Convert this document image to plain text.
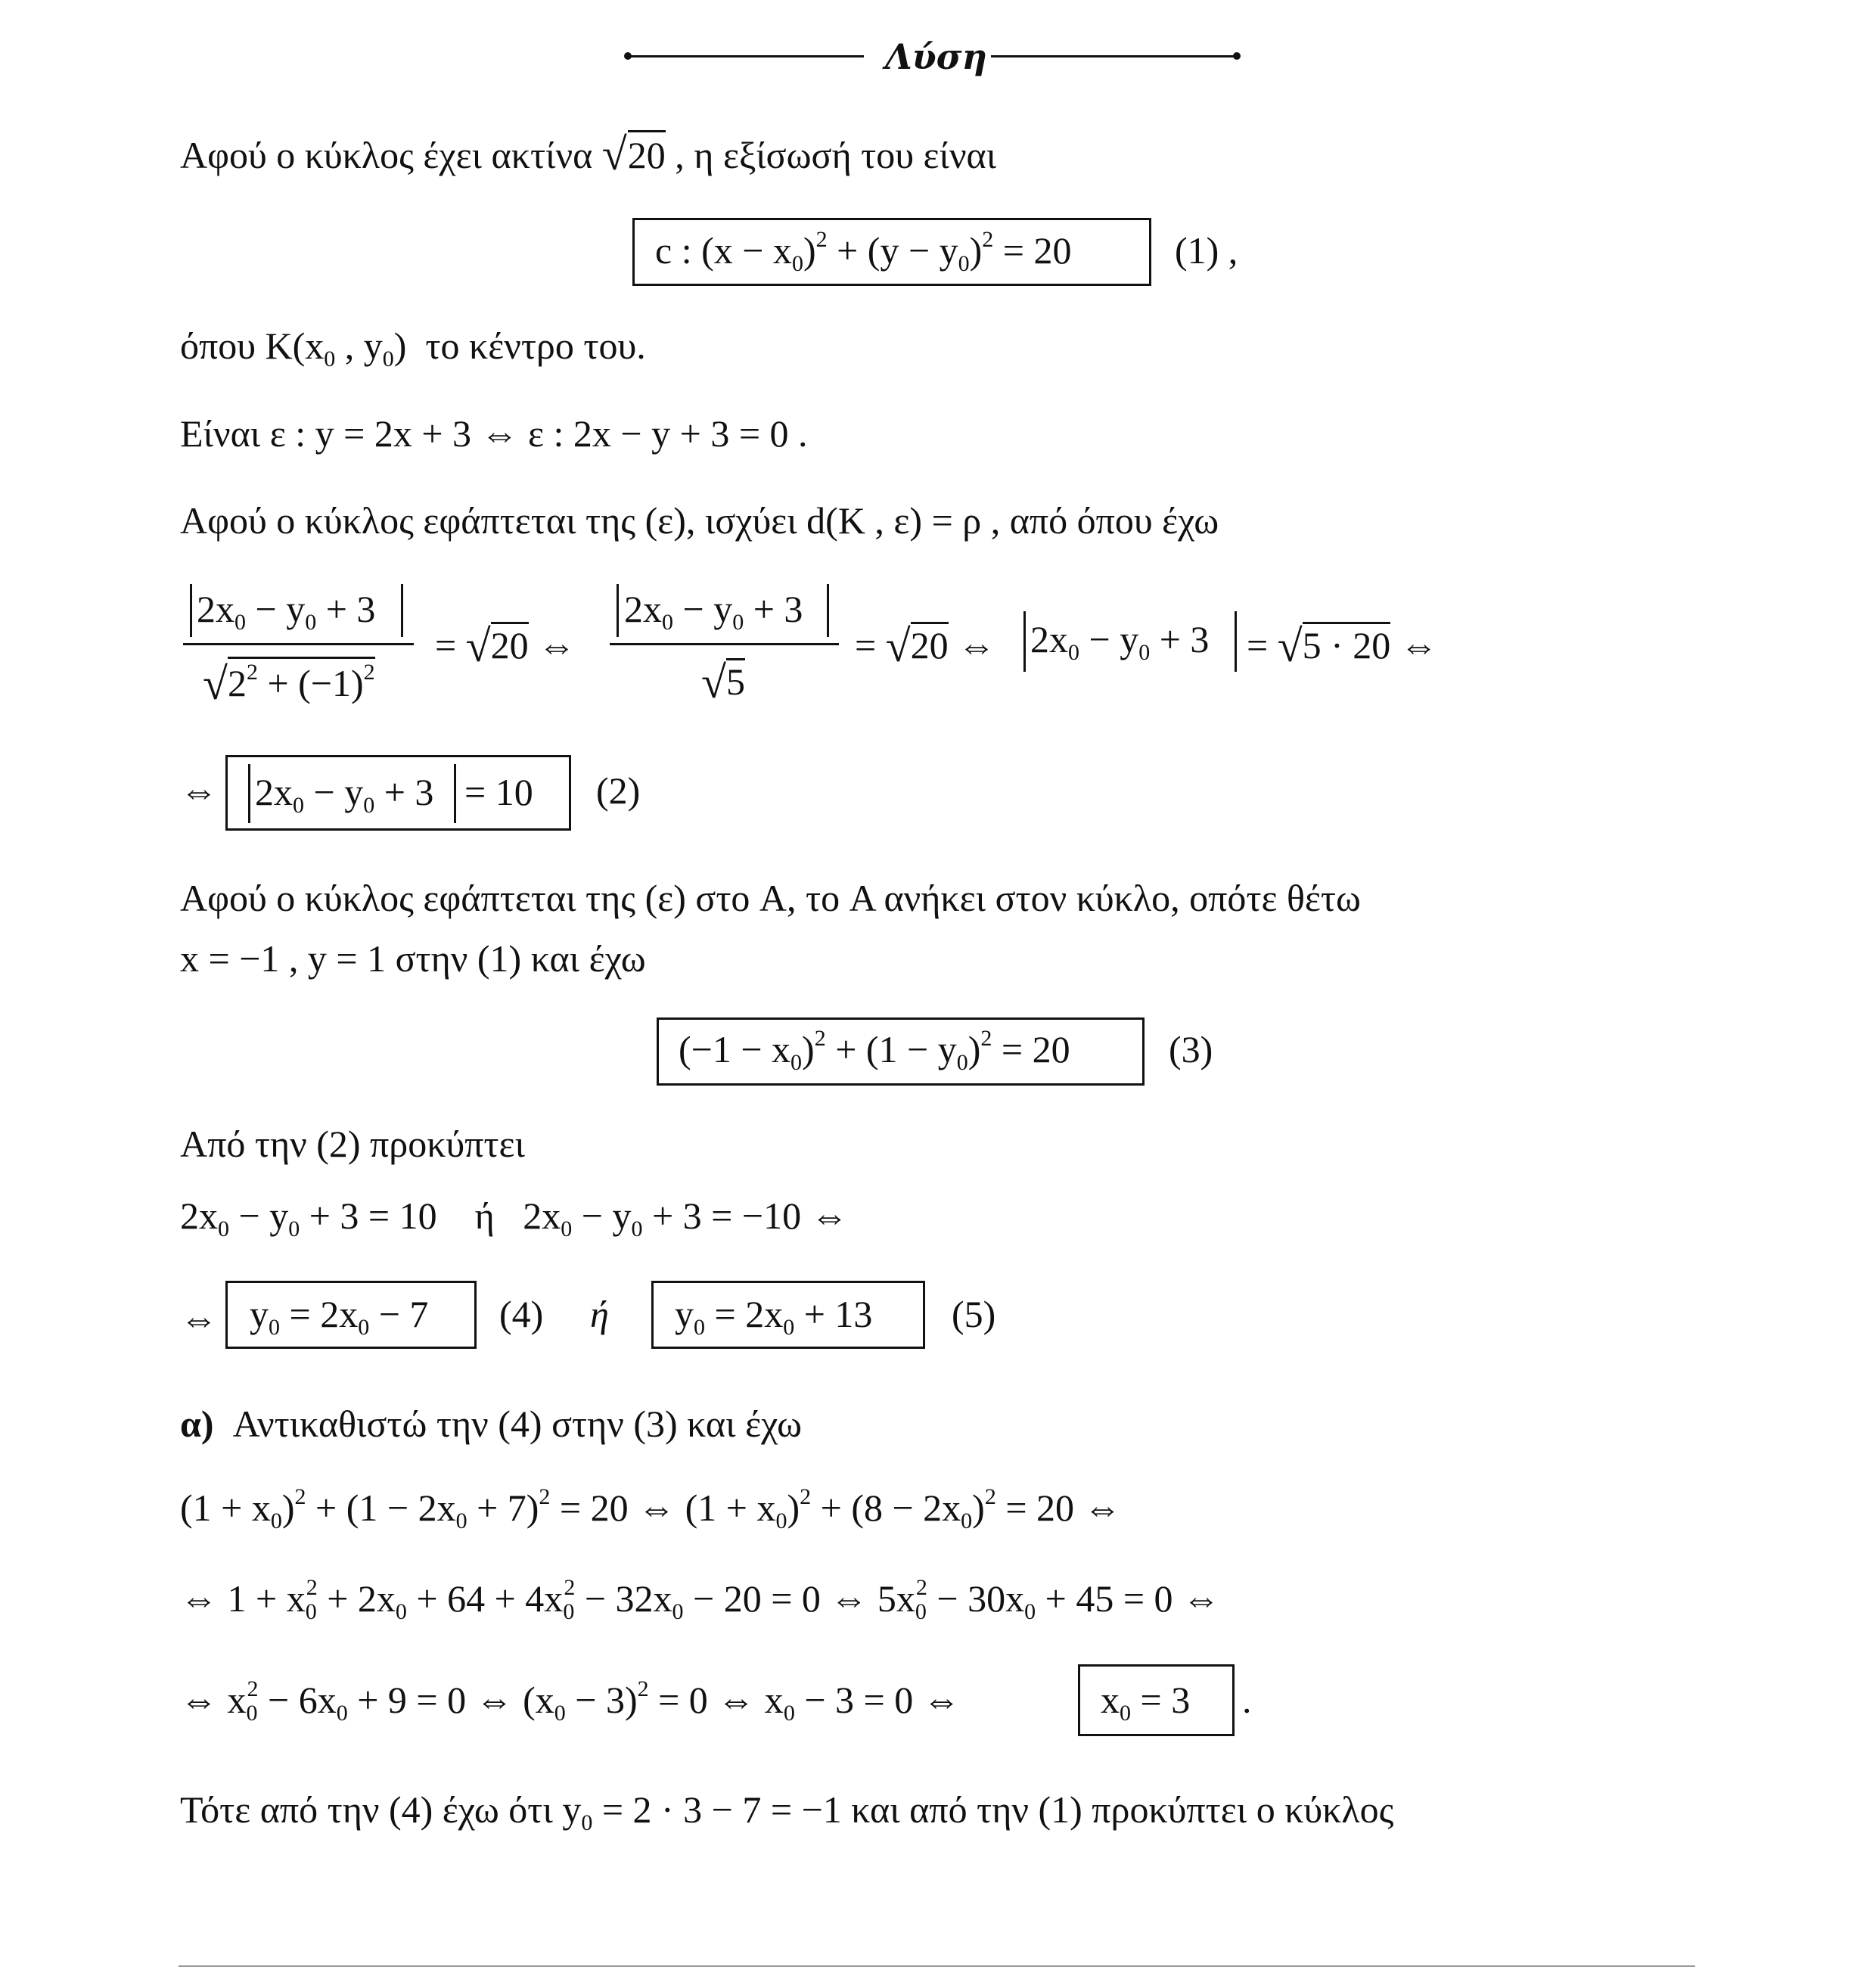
Λύση
Αφού ο κύκλος έχει ακτίνα √ 20 , η εξίσωσή του είναι
c : $(x - x_0)^2 + (y - y_0)^2 = 20$	(1) ,
όπου $K(x_0$ , $y_0$)  το κέντρο του.
Είναι ε : y = 2x + 3 ⇔ ε : 2x − y + 3 = 0 .
Αφού ο κύκλος εφάπτεται της (ε), ισχύει d(K , ε) = ρ , από όπου έχω
$2x_0 - y_0 + 3$
$√2^2 + (-1)^2$
= √20 ⇔
$2x_0 - y_0 + 3$
√5
= √20 ⇔ $2x_0 - y_0 + 3 = √5 \cdot 20$ ⇔
⇔ $2x_0 - y_0 + 3 = 10$ (2)
Αφού ο κύκλος εφάπτεται της (ε) στο A, το A ανήκει στον κύκλο, οπότε θέτω
x = −1 , y = 1 στην (1) και έχω
$(-1 - x_0)^2 + (1 - y_0)^2 = 20$	(3)
Από την (2) προκύπτει
$2x_0 - y_0 + 3 = 10$    ή   $2x_0 - y_0 + 3 = -10$ ⇔
⇔ $y_0 = 2x_0 - 7$ (4) ή $y_0 = 2x_0 + 13$ (5)
α) Αντικαθιστώ την (4) στην (3) και έχω
$(1 + x_0)^2 + (1 - 2x_0 + 7)^2 = 20$ ⇔ $(1 + x_0)^2 + (8 - 2x_0)^2 = 20$ ⇔
⇔ $1 + x_0^2 + 2x_0 + 64 + 4x_0^2 - 32x_0 - 20 = 0$ ⇔ $5x_0^2 - 30x_0 + 45 = 0$ ⇔
⇔ $x_0^2 - 6x_0 + 9 = 0$ ⇔ $(x_0 - 3)^2 = 0$ ⇔ $x_0 - 3 = 0$ ⇔	$x_0 = 3$ .
Τότε από την (4) έχω ότι $y_0 = 2 \cdot 3 - 7 = -1$ και από την (1) προκύπτει ο κύκλος
